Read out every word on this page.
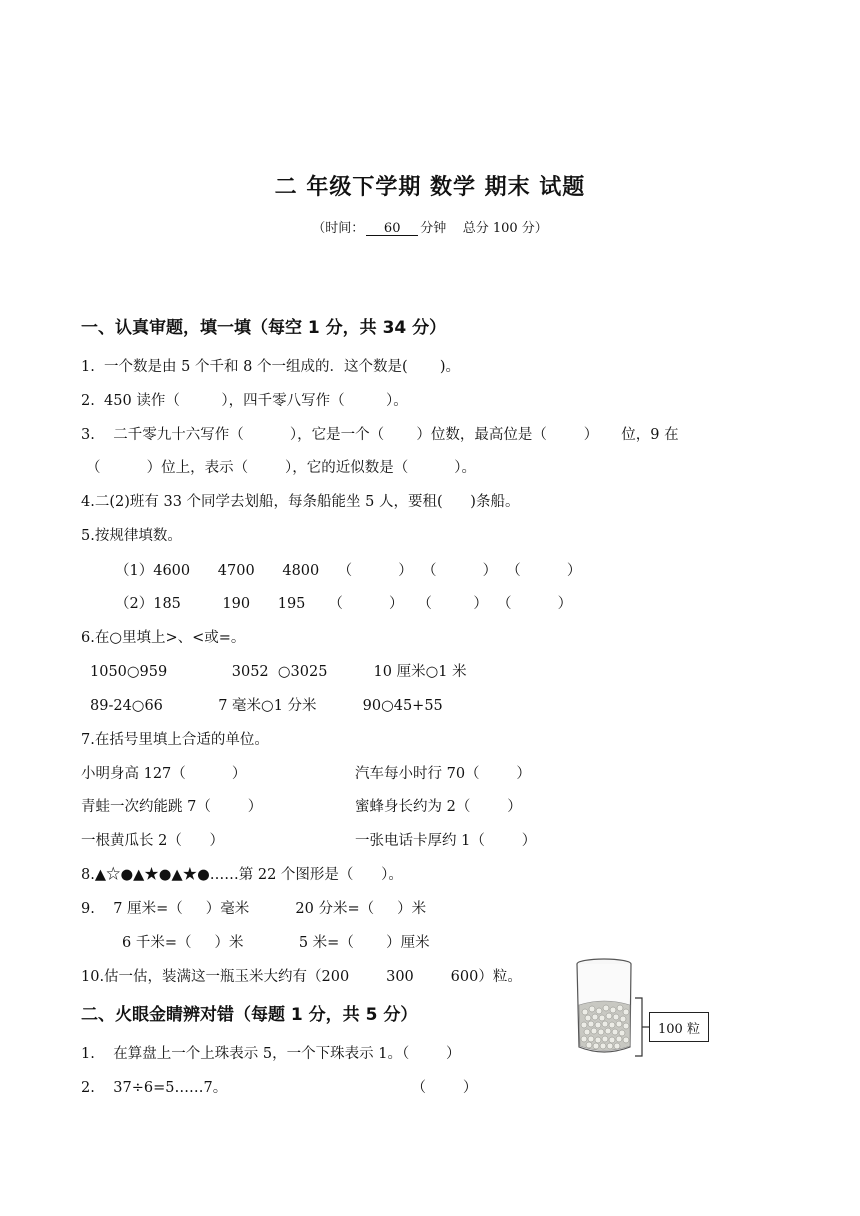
二 年级下学期 数学 期末 试题
（时间： 60 分钟    总分 100 分）
一、认真审题，填一填（每空 1 分，共 34 分）
1.  一个数是由 5 个千和 8 个一组成的．这个数是(       )。
2.  450 读作（         ），四千零八写作（         ）。
3.    二千零九十六写作（          ），它是一个（       ）位数，最高位是（        ）     位，9 在
（          ）位上，表示（        ），它的近似数是（          ）。
4.二(2)班有 33 个同学去划船，每条船能坐 5 人，要租(      )条船。
5.按规律填数。
（1）4600      4700      4800    （          ）  （          ）  （          ）
（2）185         190      195     （          ）   （         ）  （          ）
6.在○里填上>、<或=。
1050○959              3052  ○3025          10 厘米○1 米
89-24○66            7 毫米○1 分米          90○45+55
7.在括号里填上合适的单位。
小明身高 127（          ）	汽车每小时行 70（        ）
青蛙一次约能跳 7（        ）	蜜蜂身长约为 2（        ）
一根黄瓜长 2（      ）	一张电话卡厚约 1（        ）
8.▲☆●▲★●▲★●……第 22 个图形是（      ）。
9.    7 厘米=（     ）毫米          20 分米=（     ）米
6 千米=（     ）米            5 米=（       ）厘米
10.估一估，装满这一瓶玉米大约有（200        300        600）粒。
100 粒
二、火眼金睛辨对错（每题 1 分，共 5 分）
1.    在算盘上一个上珠表示 5，一个下珠表示 1。（        ）
2.    37÷6=5……7。                                        （        ）
